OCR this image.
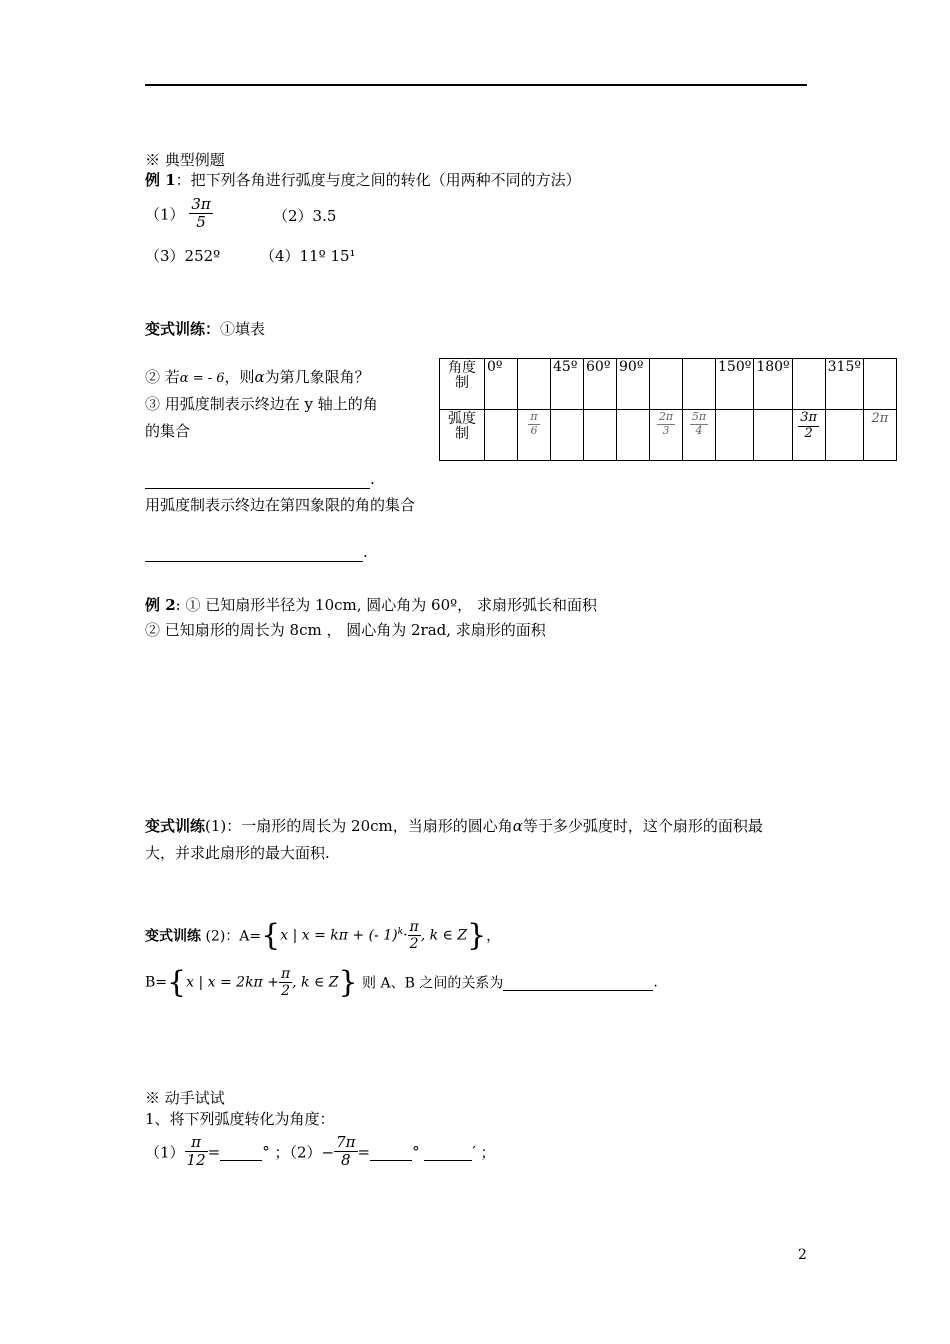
※ 典型例题
例 1：把下列各角进行弧度与度之间的转化（用两种不同的方法）
$(1) \frac{3\pi}{5}$	（2）3.5
（3）252º	（4）11º 15¹
变式训练：①填表
② 若α = - 6，则α为第几象限角？
③ 用弧度制表示终边在 y 轴上的角
的集合
.
用弧度制表示终边在第四象限的角的集合
.
角度制	0º		45º	60º	90º			150º	180º		315º	
弧度制		$\frac{\pi}{6}$				$\frac{2\pi}{3}$	$\frac{5\pi}{4}$			$\frac{3\pi}{2}$		2π
例 2: ① 已知扇形半径为 10cm, 圆心角为 60º， 求扇形弧长和面积
② 已知扇形的周长为 8cm ， 圆心角为 2rad, 求扇形的面积
变式训练(1)：一扇形的周长为 20cm，当扇形的圆心角α等于多少弧度时，这个扇形的面积最
大，并求此扇形的最大面积.
变式训练 (2)：A={x | x = kπ + (- $1)^k\cdot \frac{\pi}{2}$ , k ∈ Z}，
B={x | $x = 2k\pi + \frac{\pi}{2}$ , k ∈ Z} 则 A、B 之间的关系为	.
※ 动手试试
1、将下列弧度转化为角度：
$(1) \frac{\pi}{12}$ =	° ；$(2)- \frac{7\pi}{8}$ =	°	′ ；
2
